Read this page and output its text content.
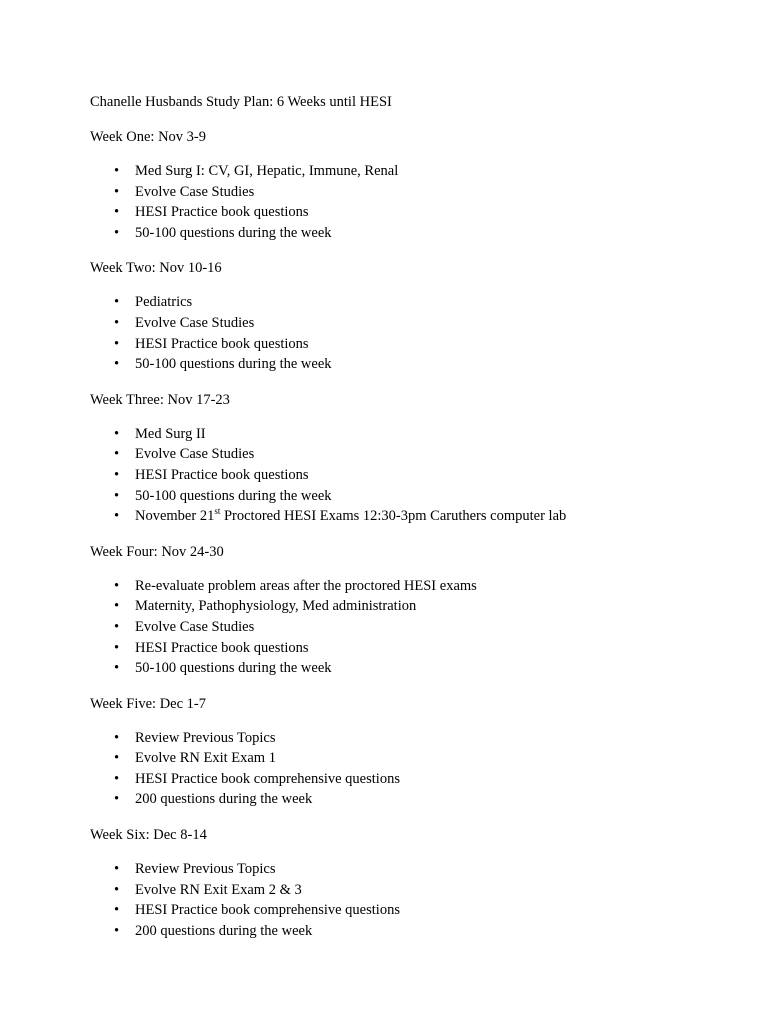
Chanelle Husbands Study Plan: 6 Weeks until HESI

Week One: Nov 3-9

• Med Surg I: CV, GI, Hepatic, Immune, Renal
• Evolve Case Studies
• HESI Practice book questions
• 50-100 questions during the week

Week Two: Nov 10-16

• Pediatrics
• Evolve Case Studies
• HESI Practice book questions
• 50-100 questions during the week

Week Three: Nov 17-23

• Med Surg II
• Evolve Case Studies
• HESI Practice book questions
• 50-100 questions during the week
• November 21st Proctored HESI Exams 12:30-3pm Caruthers computer lab

Week Four: Nov 24-30

• Re-evaluate problem areas after the proctored HESI exams
• Maternity, Pathophysiology, Med administration
• Evolve Case Studies
• HESI Practice book questions
• 50-100 questions during the week

Week Five: Dec 1-7

• Review Previous Topics
• Evolve RN Exit Exam 1
• HESI Practice book comprehensive questions
• 200 questions during the week

Week Six: Dec 8-14

• Review Previous Topics
• Evolve RN Exit Exam 2 & 3
• HESI Practice book comprehensive questions
• 200 questions during the week
